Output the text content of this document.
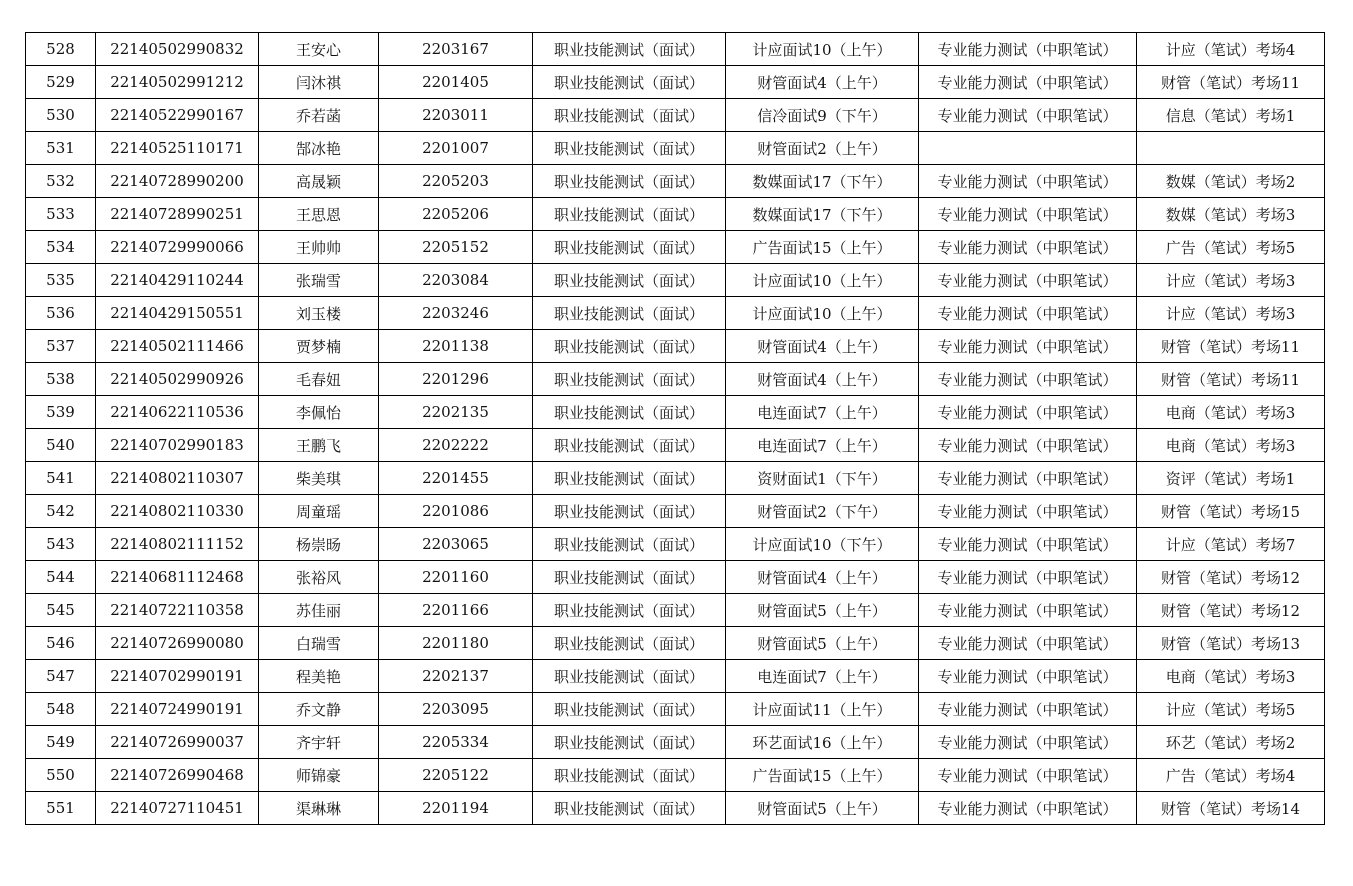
528	22140502990832	王安心	2203167	职业技能测试（面试）	计应面试10（上午）	专业能力测试（中职笔试）	计应（笔试）考场4
529	22140502991212	闫沐祺	2201405	职业技能测试（面试）	财管面试4（上午）	专业能力测试（中职笔试）	财管（笔试）考场11
530	22140522990167	乔若菡	2203011	职业技能测试（面试）	信冷面试9（下午）	专业能力测试（中职笔试）	信息（笔试）考场1
531	22140525110171	郜冰艳	2201007	职业技能测试（面试）	财管面试2（上午）		
532	22140728990200	高晟颖	2205203	职业技能测试（面试）	数媒面试17（下午）	专业能力测试（中职笔试）	数媒（笔试）考场2
533	22140728990251	王思恩	2205206	职业技能测试（面试）	数媒面试17（下午）	专业能力测试（中职笔试）	数媒（笔试）考场3
534	22140729990066	王帅帅	2205152	职业技能测试（面试）	广告面试15（上午）	专业能力测试（中职笔试）	广告（笔试）考场5
535	22140429110244	张瑞雪	2203084	职业技能测试（面试）	计应面试10（上午）	专业能力测试（中职笔试）	计应（笔试）考场3
536	22140429150551	刘玉楼	2203246	职业技能测试（面试）	计应面试10（上午）	专业能力测试（中职笔试）	计应（笔试）考场3
537	22140502111466	贾梦楠	2201138	职业技能测试（面试）	财管面试4（上午）	专业能力测试（中职笔试）	财管（笔试）考场11
538	22140502990926	毛春妞	2201296	职业技能测试（面试）	财管面试4（上午）	专业能力测试（中职笔试）	财管（笔试）考场11
539	22140622110536	李佩怡	2202135	职业技能测试（面试）	电连面试7（上午）	专业能力测试（中职笔试）	电商（笔试）考场3
540	22140702990183	王鹏飞	2202222	职业技能测试（面试）	电连面试7（上午）	专业能力测试（中职笔试）	电商（笔试）考场3
541	22140802110307	柴美琪	2201455	职业技能测试（面试）	资财面试1（下午）	专业能力测试（中职笔试）	资评（笔试）考场1
542	22140802110330	周童瑶	2201086	职业技能测试（面试）	财管面试2（下午）	专业能力测试（中职笔试）	财管（笔试）考场15
543	22140802111152	杨崇旸	2203065	职业技能测试（面试）	计应面试10（下午）	专业能力测试（中职笔试）	计应（笔试）考场7
544	22140681112468	张裕风	2201160	职业技能测试（面试）	财管面试4（上午）	专业能力测试（中职笔试）	财管（笔试）考场12
545	22140722110358	苏佳丽	2201166	职业技能测试（面试）	财管面试5（上午）	专业能力测试（中职笔试）	财管（笔试）考场12
546	22140726990080	白瑞雪	2201180	职业技能测试（面试）	财管面试5（上午）	专业能力测试（中职笔试）	财管（笔试）考场13
547	22140702990191	程美艳	2202137	职业技能测试（面试）	电连面试7（上午）	专业能力测试（中职笔试）	电商（笔试）考场3
548	22140724990191	乔文静	2203095	职业技能测试（面试）	计应面试11（上午）	专业能力测试（中职笔试）	计应（笔试）考场5
549	22140726990037	齐宇轩	2205334	职业技能测试（面试）	环艺面试16（上午）	专业能力测试（中职笔试）	环艺（笔试）考场2
550	22140726990468	师锦豪	2205122	职业技能测试（面试）	广告面试15（上午）	专业能力测试（中职笔试）	广告（笔试）考场4
551	22140727110451	渠琳琳	2201194	职业技能测试（面试）	财管面试5（上午）	专业能力测试（中职笔试）	财管（笔试）考场14
